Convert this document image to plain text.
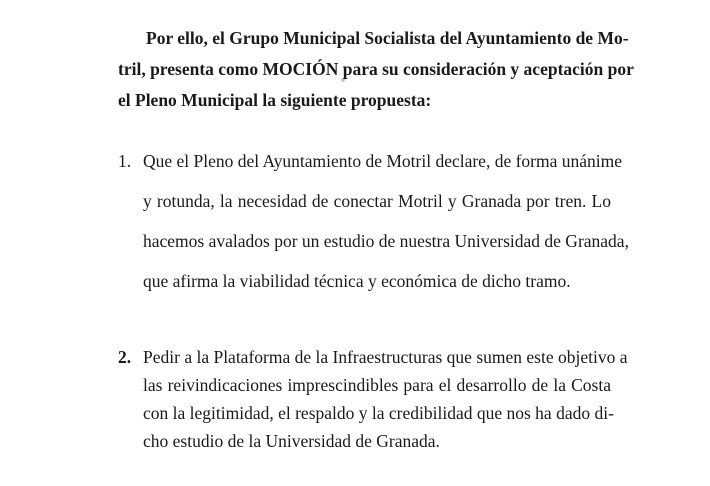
Por ello, el Grupo Municipal Socialista del Ayuntamiento de Mo-
tril, presenta como MOCIÓN para su consideración y aceptación por
el Pleno Municipal la siguiente propuesta:

1. Que el Pleno del Ayuntamiento de Motril declare, de forma unánime
y rotunda, la necesidad de conectar Motril y Granada por tren. Lo
hacemos avalados por un estudio de nuestra Universidad de Granada,
que afirma la viabilidad técnica y económica de dicho tramo.
2. Pedir a la Plataforma de la Infraestructuras que sumen este objetivo a
las reivindicaciones imprescindibles para el desarrollo de la Costa
con la legitimidad, el respaldo y la credibilidad que nos ha dado di-
cho estudio de la Universidad de Granada.
